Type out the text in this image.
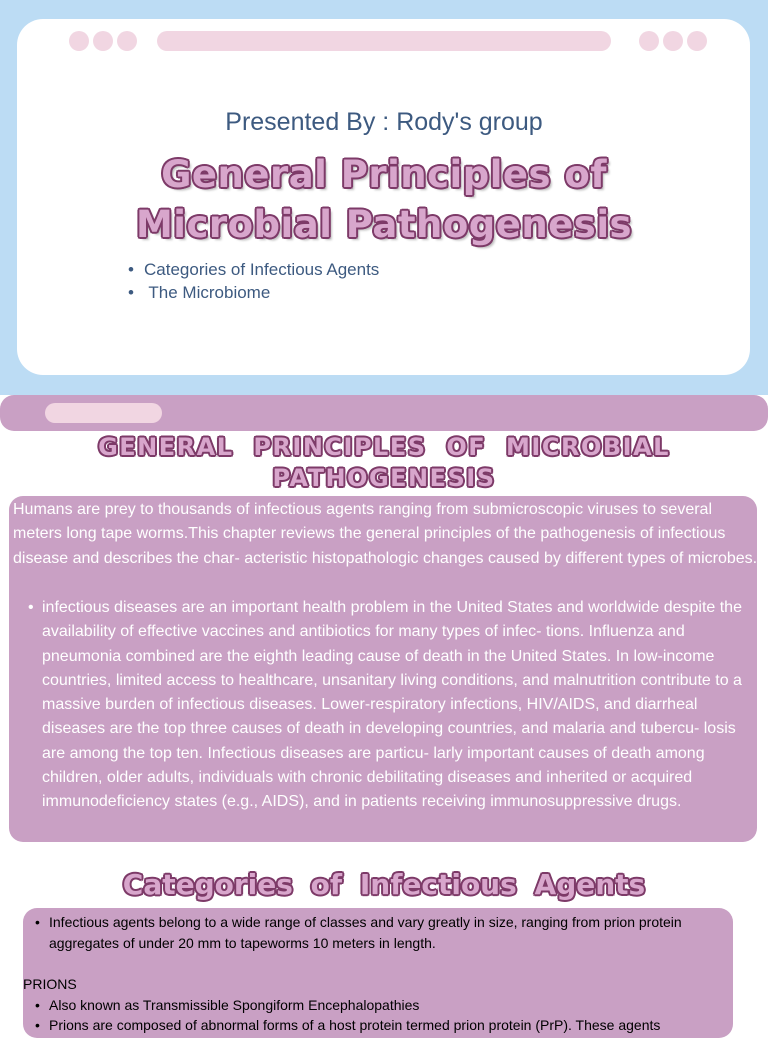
Presented By : Rody's group
General Principles of
Microbial Pathogenesis
• Categories of Infectious Agents
• The Microbiome
GENERAL PRINCIPLES OF MICROBIAL
PATHOGENESIS

Humans are prey to thousands of infectious agents ranging from submicroscopic viruses to several meters long tape worms.This chapter reviews the general principles of the pathogenesis of infectious disease and describes the char- acteristic histopathologic changes caused by different types of microbes.

• infectious diseases are an important health problem in the United States and worldwide despite the availability of effective vaccines and antibiotics for many types of infec- tions. Influenza and pneumonia combined are the eighth leading cause of death in the United States. In low-income countries, limited access to healthcare, unsanitary living conditions, and malnutrition contribute to a massive burden of infectious diseases. Lower-respiratory infections, HIV/AIDS, and diarrheal diseases are the top three causes of death in developing countries, and malaria and tubercu- losis are among the top ten. Infectious diseases are particu- larly important causes of death among children, older adults, individuals with chronic debilitating diseases and inherited or acquired immunodeficiency states (e.g., AIDS), and in patients receiving immunosuppressive drugs.
Categories of Infectious Agents
• Infectious agents belong to a wide range of classes and vary greatly in size, ranging from prion protein aggregates of under 20 mm to tapeworms 10 meters in length.
PRIONS
• Also known as Transmissible Spongiform Encephalopathies
• Prions are composed of abnormal forms of a host protein termed prion protein (PrP). These agents
